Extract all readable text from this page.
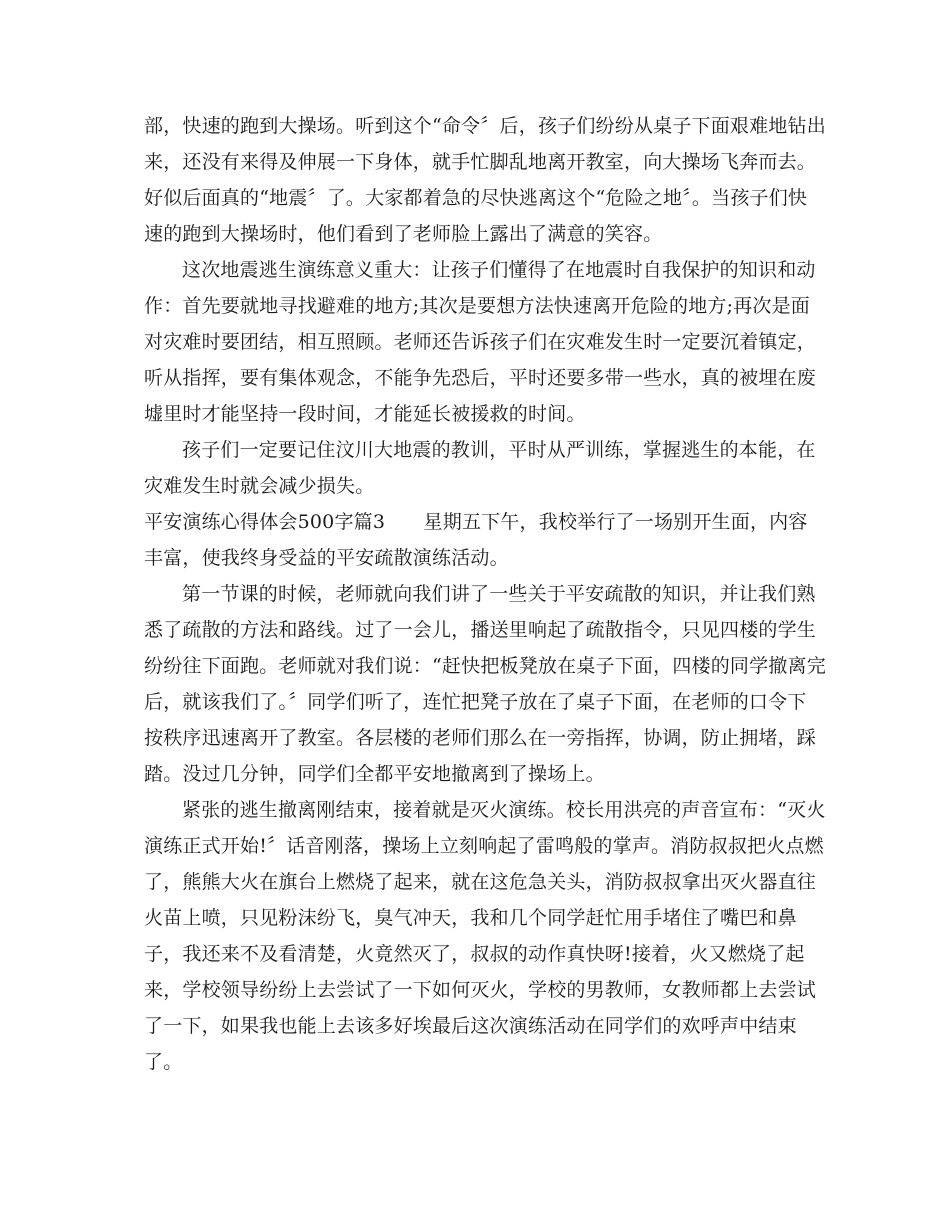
部，快速的跑到大操场。听到这个“命令〞后，孩子们纷纷从桌子下面艰难地钻出
来，还没有来得及伸展一下身体，就手忙脚乱地离开教室，向大操场飞奔而去。
好似后面真的“地震〞了。大家都着急的尽快逃离这个“危险之地〞。当孩子们快
速的跑到大操场时，他们看到了老师脸上露出了满意的笑容。
这次地震逃生演练意义重大：让孩子们懂得了在地震时自我保护的知识和动
作：首先要就地寻找避难的地方;其次是要想方法快速离开危险的地方;再次是面
对灾难时要团结，相互照顾。老师还告诉孩子们在灾难发生时一定要沉着镇定，
听从指挥，要有集体观念，不能争先恐后，平时还要多带一些水，真的被埋在废
墟里时才能坚持一段时间，才能延长被援救的时间。
孩子们一定要记住汶川大地震的教训，平时从严训练，掌握逃生的本能，在
灾难发生时就会减少损失。
平安演练心得体会500字篇3　　星期五下午，我校举行了一场别开生面，内容
丰富，使我终身受益的平安疏散演练活动。
第一节课的时候，老师就向我们讲了一些关于平安疏散的知识，并让我们熟
悉了疏散的方法和路线。过了一会儿，播送里响起了疏散指令，只见四楼的学生
纷纷往下面跑。老师就对我们说：“赶快把板凳放在桌子下面，四楼的同学撤离完
后，就该我们了。〞同学们听了，连忙把凳子放在了桌子下面，在老师的口令下
按秩序迅速离开了教室。各层楼的老师们那么在一旁指挥，协调，防止拥堵，踩
踏。没过几分钟，同学们全都平安地撤离到了操场上。
紧张的逃生撤离刚结束，接着就是灭火演练。校长用洪亮的声音宣布：“灭火
演练正式开始!〞话音刚落，操场上立刻响起了雷鸣般的掌声。消防叔叔把火点燃
了，熊熊大火在旗台上燃烧了起来，就在这危急关头，消防叔叔拿出灭火器直往
火苗上喷，只见粉沫纷飞，臭气冲天，我和几个同学赶忙用手堵住了嘴巴和鼻
子，我还来不及看清楚，火竟然灭了，叔叔的动作真快呀!接着，火又燃烧了起
来，学校领导纷纷上去尝试了一下如何灭火，学校的男教师，女教师都上去尝试
了一下，如果我也能上去该多好埃最后这次演练活动在同学们的欢呼声中结束
了。
